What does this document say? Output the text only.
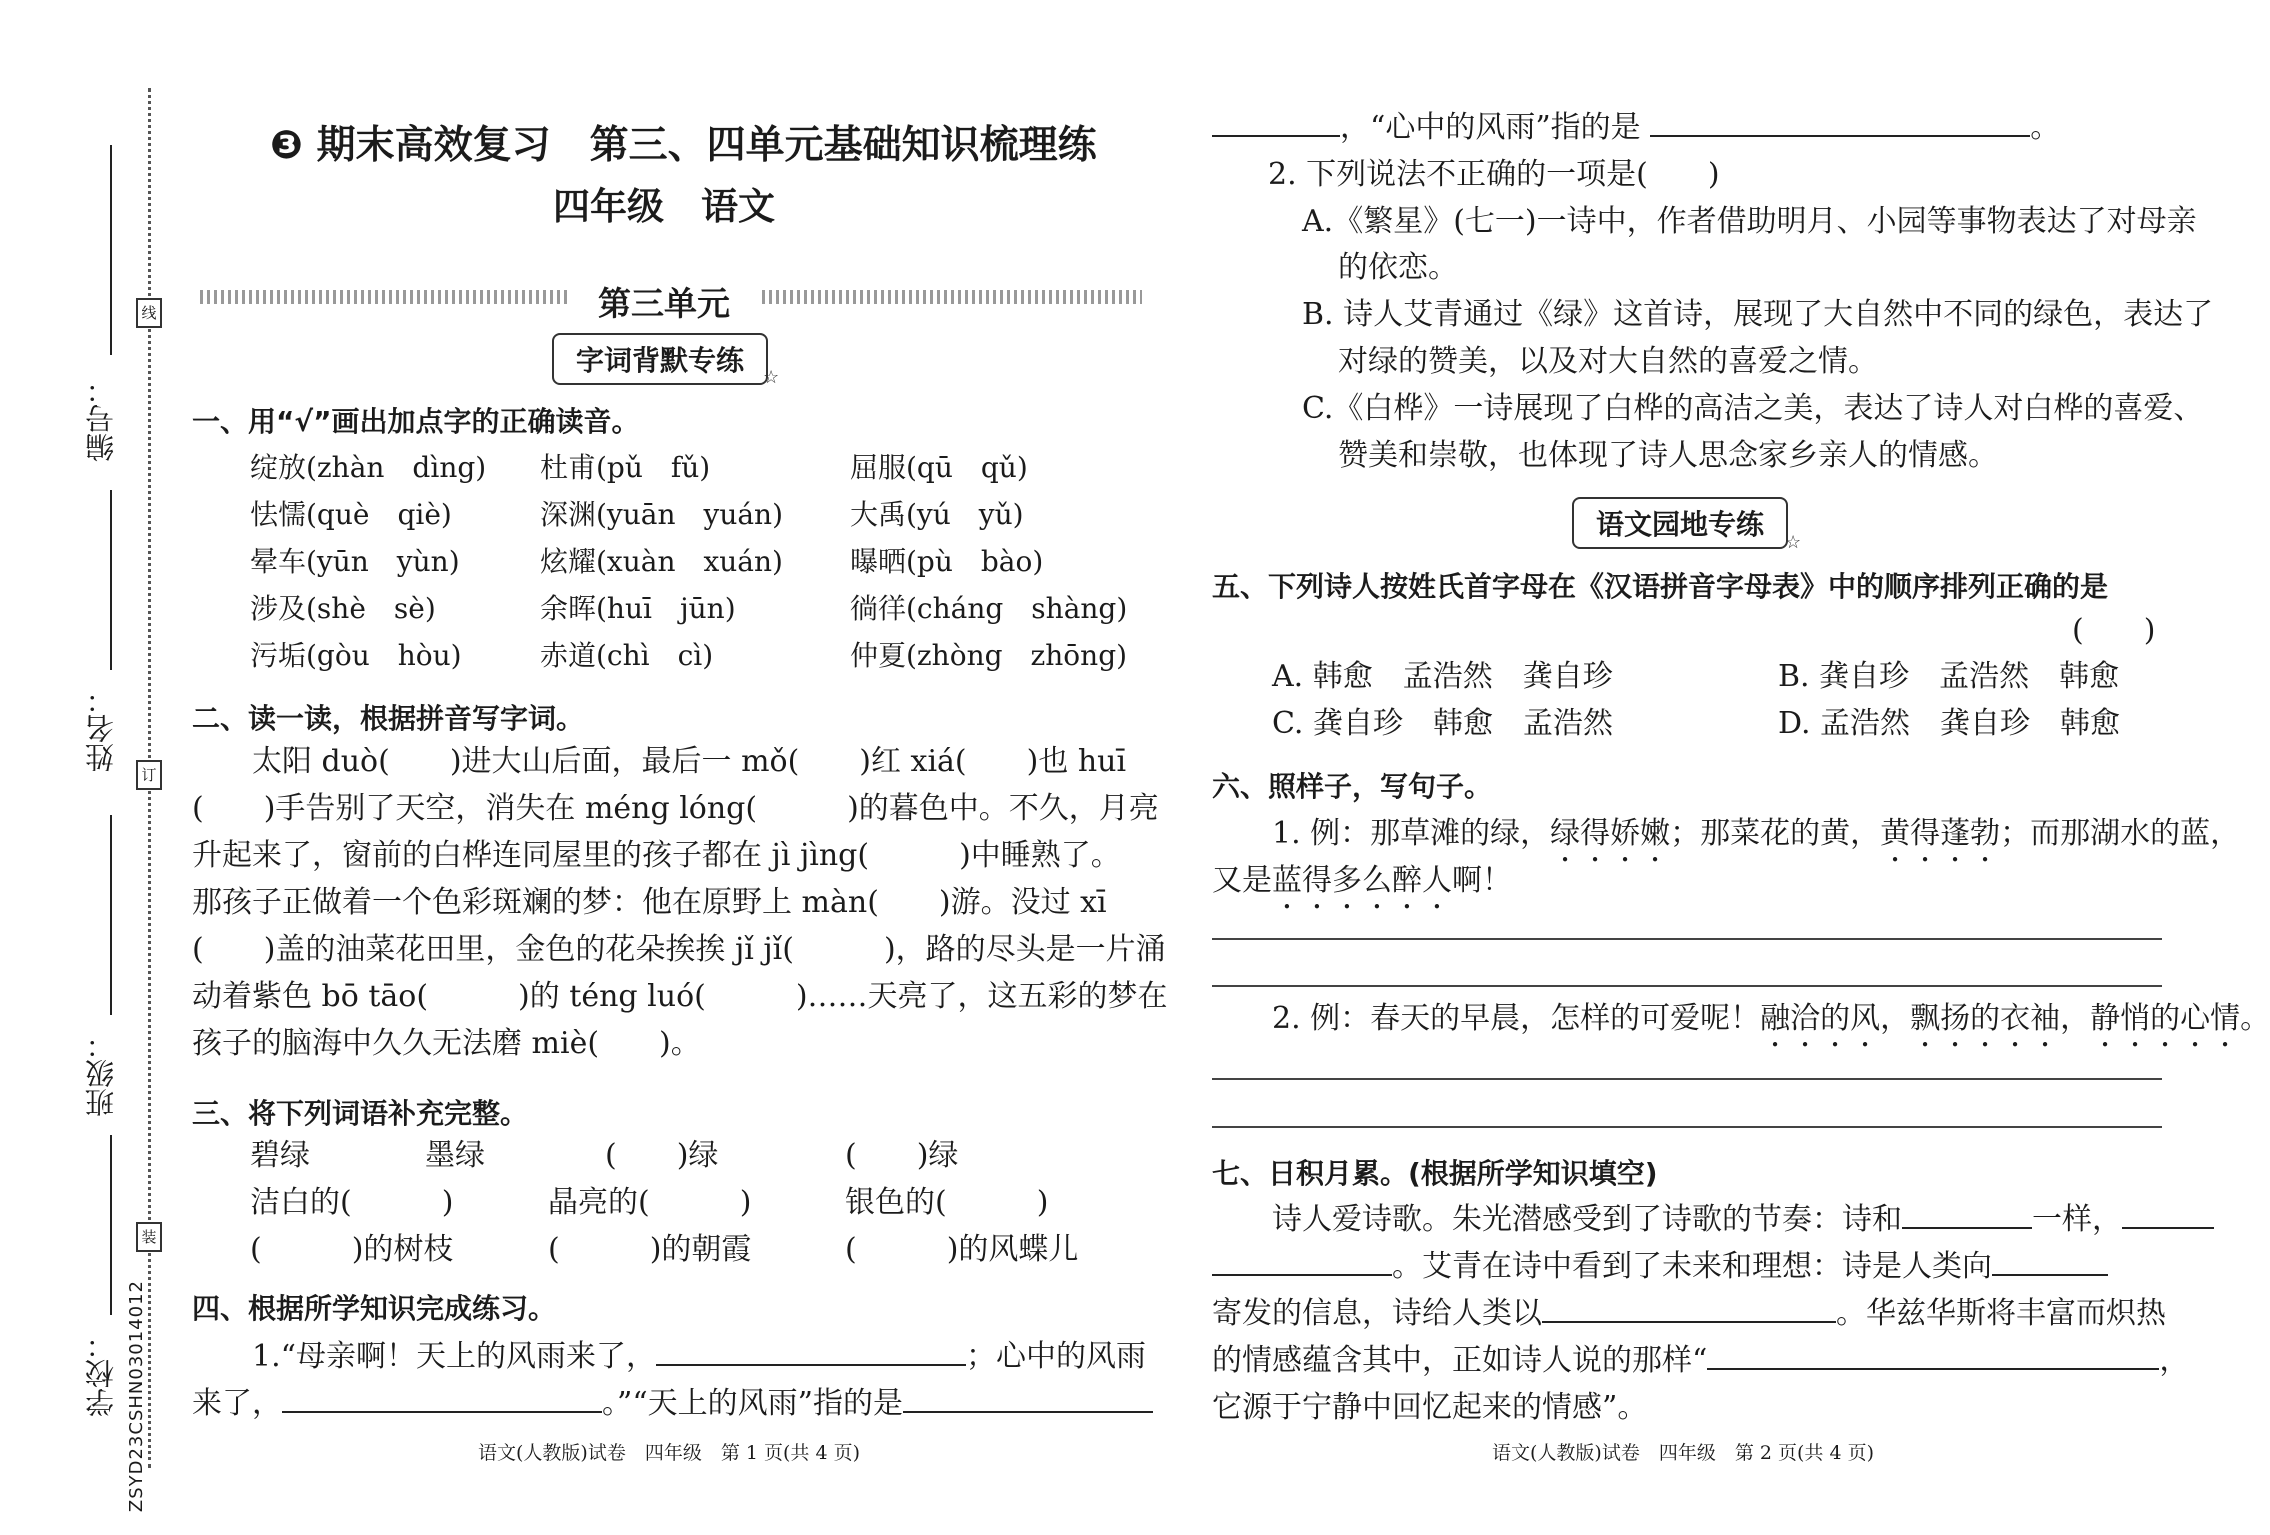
编号：
姓名：
班级：
学校：
线
订
装
ZSYD23CSHN03014012
❸ 期末高效复习　第三、四单元基础知识梳理练
四年级　语文
第三单元
字词背默专练
☆
一、用“√”画出加点字的正确读音。
绽放(zhàn　dìng) 杜甫(pǔ　fǔ)	屈服(qū　qǔ)
怯懦(què　qiè)	深渊(yuān　yuán) 大禹(yú　yǔ)
晕车(yūn　yùn)	炫耀(xuàn　xuán) 曝晒(pù　bào)
涉及(shè　sè)	余晖(huī　jūn)	徜徉(cháng　shàng)
污垢(gòu　hòu)	赤道(chì　cì)	仲夏(zhòng　zhōng)
二、读一读，根据拼音写字词。
　　太阳 duò(　　)进大山后面，最后一 mǒ(　　)红 xiá(　　)也 huī
(　　)手告别了天空，消失在 méng lóng(　　　)的暮色中。不久，月亮
升起来了，窗前的白桦连同屋里的孩子都在 jì jìng(　　　)中睡熟了。
那孩子正做着一个色彩斑斓的梦：他在原野上 màn(　　)游。没过 xī
(　　)盖的油菜花田里，金色的花朵挨挨 jǐ jǐ(　　　)，路的尽头是一片涌
动着紫色 bō tāo(　　　)的 téng luó(　　　)……天亮了，这五彩的梦在
孩子的脑海中久久无法磨 miè(　　)。
三、将下列词语补充完整。
碧绿	墨绿	(　　)绿	(　　)绿
洁白的(　　　)	晶亮的(　　　)	银色的(　　　)
(　　　)的树枝	(　　　)的朝霞	(　　　)的风蝶儿
四、根据所学知识完成练习。
　　1.“母亲啊！天上的风雨来了，	；心中的风雨
来了，	。”“天上的风雨”指的是
语文(人教版)试卷　四年级　第 1 页(共 4 页)
，“心中的风雨”指的是	。
2. 下列说法不正确的一项是(　　)
A.《繁星》(七一)一诗中，作者借助明月、小园等事物表达了对母亲
的依恋。
B. 诗人艾青通过《绿》这首诗，展现了大自然中不同的绿色，表达了
对绿的赞美，以及对大自然的喜爱之情。
C.《白桦》一诗展现了白桦的高洁之美，表达了诗人对白桦的喜爱、
赞美和崇敬，也体现了诗人思念家乡亲人的情感。
语文园地专练
☆
五、下列诗人按姓氏首字母在《汉语拼音字母表》中的顺序排列正确的是
(　　)
A. 韩愈　孟浩然　龚自珍	B. 龚自珍　孟浩然　韩愈
C. 龚自珍　韩愈　孟浩然	D. 孟浩然　龚自珍　韩愈
六、照样子，写句子。
　　1. 例：那草滩的绿，绿得娇嫩；那菜花的黄，黄得蓬勃；而那湖水的蓝，
又是蓝得多么醉人啊！
　　2. 例：春天的早晨，怎样的可爱呢！融洽的风，飘扬的衣袖，静悄的心情。
七、日积月累。(根据所学知识填空)
　　诗人爱诗歌。朱光潜感受到了诗歌的节奏：诗和	一样，
。艾青在诗中看到了未来和理想：诗是人类向
寄发的信息，诗给人类以	。华兹华斯将丰富而炽热
的情感蕴含其中，正如诗人说的那样“	，
它源于宁静中回忆起来的情感”。
语文(人教版)试卷　四年级　第 2 页(共 4 页)
